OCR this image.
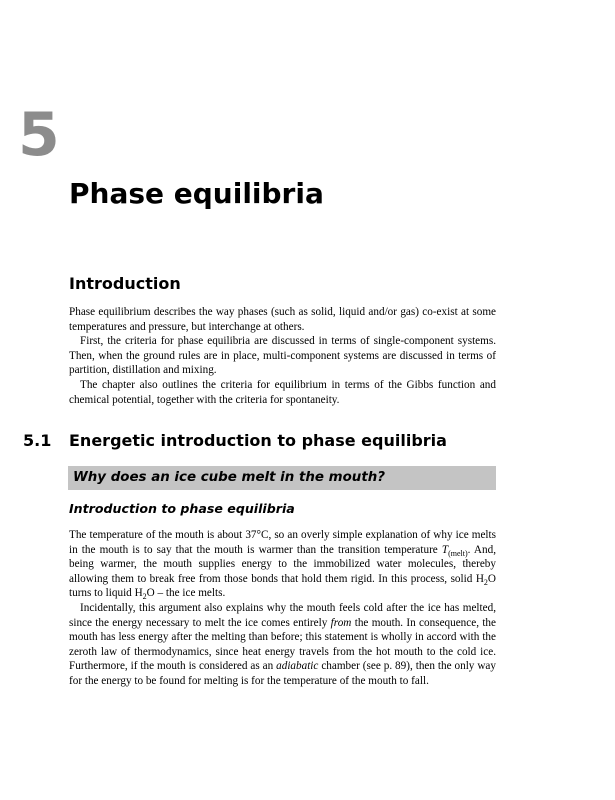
5
Phase equilibria
Introduction

Phase equilibrium describes the way phases (such as solid, liquid and/or gas) co-exist at some temperatures and pressure, but interchange at others.

First, the criteria for phase equilibria are discussed in terms of single-component systems. Then, when the ground rules are in place, multi-component systems are discussed in terms of partition, distillation and mixing.

The chapter also outlines the criteria for equilibrium in terms of the Gibbs function and chemical potential, together with the criteria for spontaneity.

5.1 Energetic introduction to phase equilibria
Why does an ice cube melt in the mouth?
Introduction to phase equilibria

The temperature of the mouth is about 37°C, so an overly simple explanation of why ice melts in the mouth is to say that the mouth is warmer than the transition temperature $T_{(melt)}$. And, being warmer, the mouth supplies energy to the immobilized water molecules, thereby allowing them to break free from those bonds that hold them rigid. In this process, solid $H_2O$ turns to liquid $H_2O$ – the ice melts.

Incidentally, this argument also explains why the mouth feels cold after the ice has melted, since the energy necessary to melt the ice comes entirely from the mouth. In consequence, the mouth has less energy after the melting than before; this statement is wholly in accord with the zeroth law of thermodynamics, since heat energy travels from the hot mouth to the cold ice. Furthermore, if the mouth is considered as an adiabatic chamber (see p. 89), then the only way for the energy to be found for melting is for the temperature of the mouth to fall.
